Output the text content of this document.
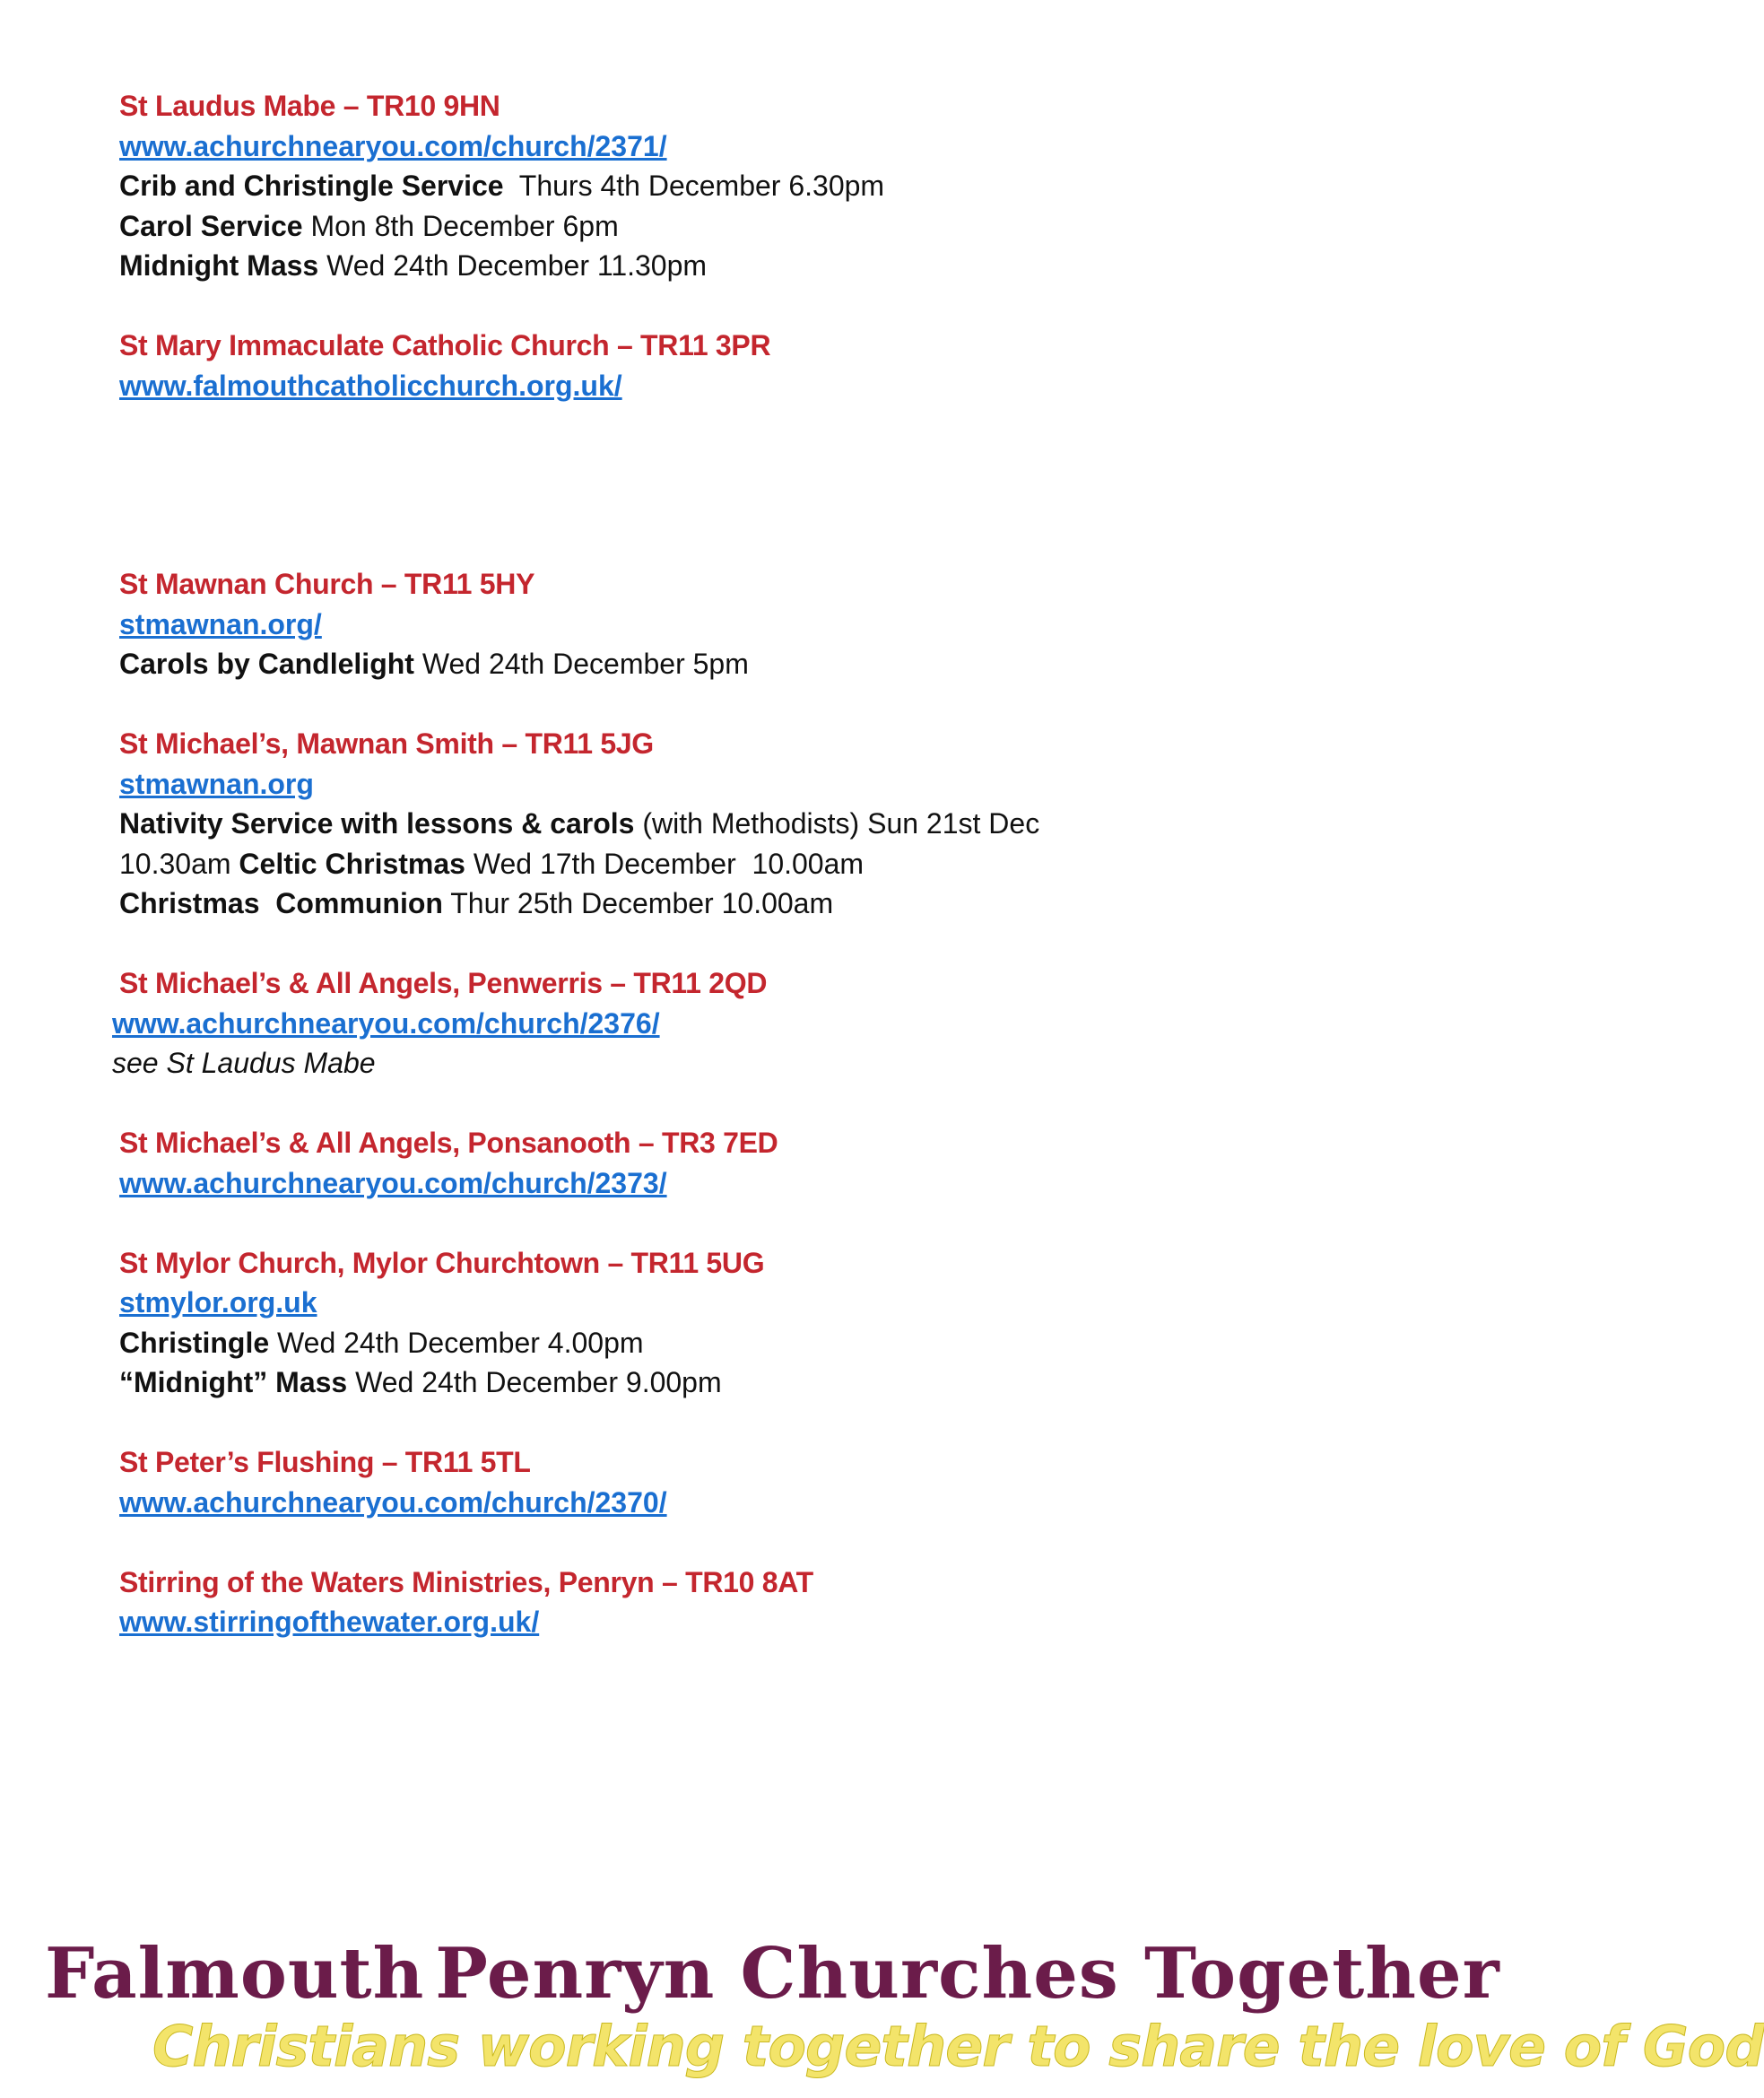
St Laudus Mabe – TR10 9HN
www.achurchnearyou.com/church/2371/
Crib and Christingle Service  Thurs 4th December 6.30pm
Carol Service Mon 8th December 6pm
Midnight Mass Wed 24th December 11.30pm
St Mary Immaculate Catholic Church – TR11 3PR
www.falmouthcatholicchurch.org.uk/
St Mawnan Church – TR11 5HY
stmawnan.org/
Carols by Candlelight Wed 24th December 5pm
St Michael’s, Mawnan Smith – TR11 5JG
stmawnan.org
Nativity Service with lessons & carols (with Methodists) Sun 21st Dec
10.30am Celtic Christmas Wed 17th December  10.00am
Christmas  Communion Thur 25th December 10.00am
St Michael’s & All Angels, Penwerris – TR11 2QD
www.achurchnearyou.com/church/2376/
see St Laudus Mabe
St Michael’s & All Angels, Ponsanooth – TR3 7ED
www.achurchnearyou.com/church/2373/
St Mylor Church, Mylor Churchtown – TR11 5UG
stmylor.org.uk
Christingle Wed 24th December 4.00pm
“Midnight” Mass Wed 24th December 9.00pm
St Peter’s Flushing – TR11 5TL
www.achurchnearyou.com/church/2370/
Stirring of the Waters Ministries, Penryn – TR10 8AT
www.stirringofthewater.org.uk/
Falmouth Penryn Churches Together
Christians working together to share the love of God
